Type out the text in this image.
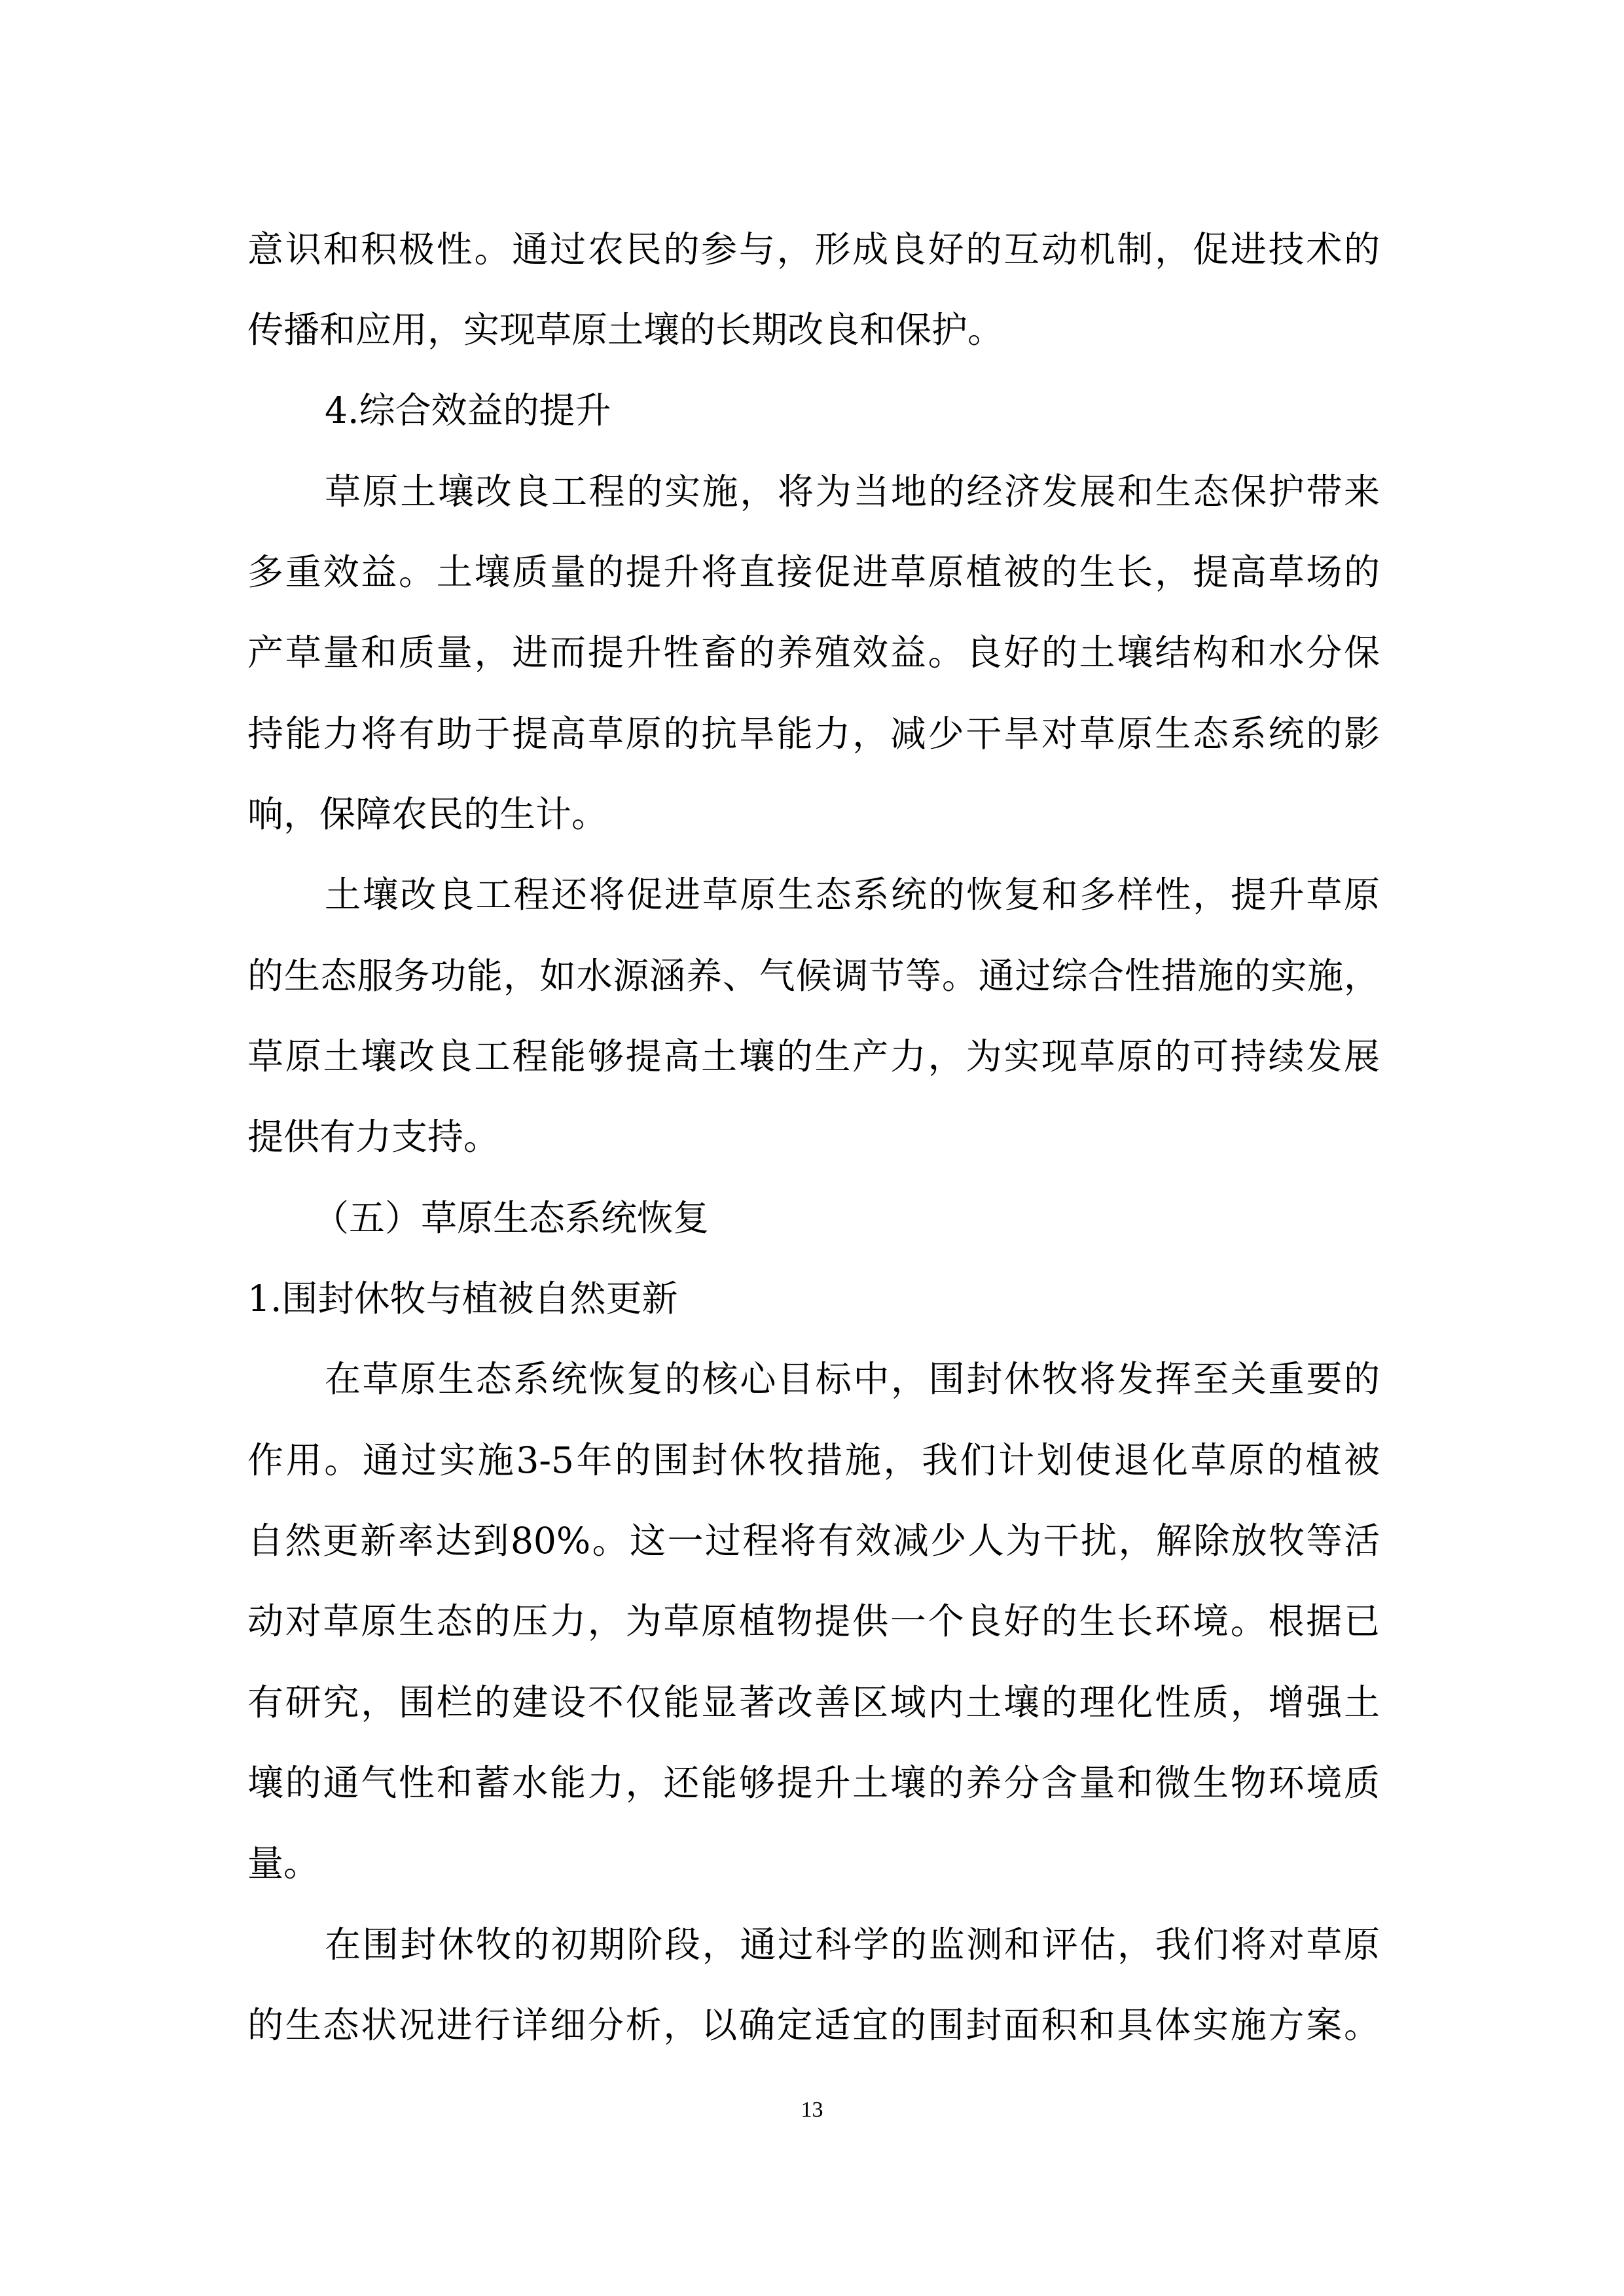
意识和积极性。通过农民的参与，形成良好的互动机制，促进技术的
传播和应用，实现草原土壤的长期改良和保护。
4.综合效益的提升
草原土壤改良工程的实施，将为当地的经济发展和生态保护带来
多重效益。土壤质量的提升将直接促进草原植被的生长，提高草场的
产草量和质量，进而提升牲畜的养殖效益。良好的土壤结构和水分保
持能力将有助于提高草原的抗旱能力，减少干旱对草原生态系统的影
响，保障农民的生计。
土壤改良工程还将促进草原生态系统的恢复和多样性，提升草原
的生态服务功能，如水源涵养、气候调节等。通过综合性措施的实施，
草原土壤改良工程能够提高土壤的生产力，为实现草原的可持续发展
提供有力支持。
（五）草原生态系统恢复
1.围封休牧与植被自然更新
在草原生态系统恢复的核心目标中，围封休牧将发挥至关重要的
作用。通过实施3-5年的围封休牧措施，我们计划使退化草原的植被
自然更新率达到80%。这一过程将有效减少人为干扰，解除放牧等活
动对草原生态的压力，为草原植物提供一个良好的生长环境。根据已
有研究，围栏的建设不仅能显著改善区域内土壤的理化性质，增强土
壤的通气性和蓄水能力，还能够提升土壤的养分含量和微生物环境质
量。
在围封休牧的初期阶段，通过科学的监测和评估，我们将对草原
的生态状况进行详细分析，以确定适宜的围封面积和具体实施方案。
13
